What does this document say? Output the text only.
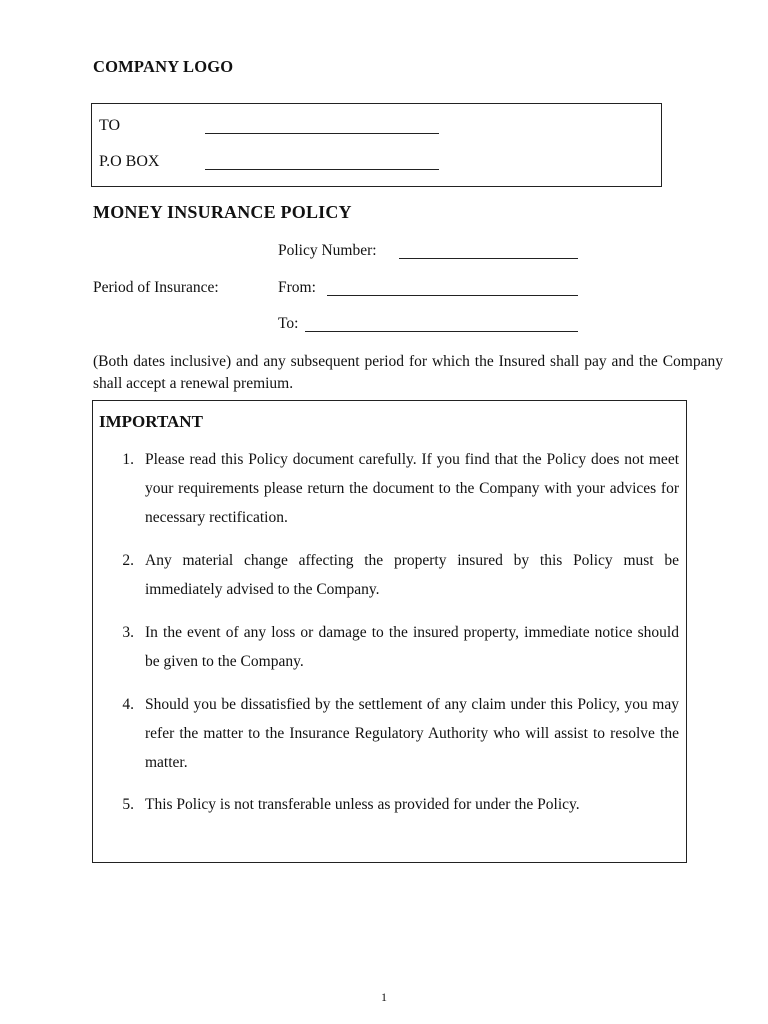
COMPANY LOGO
TO
P.O BOX
MONEY INSURANCE POLICY
Policy Number:
Period of Insurance:	From:
To:
(Both dates inclusive) and any subsequent period for which the Insured shall pay and the Company shall accept a renewal premium.
IMPORTANT
1. Please read this Policy document carefully. If you find that the Policy does not meet your requirements please return the document to the Company with your advices for necessary rectification.
2. Any material change affecting the property insured by this Policy must be immediately advised to the Company.
3. In the event of any loss or damage to the insured property, immediate notice should be given to the Company.
4. Should you be dissatisfied by the settlement of any claim under this Policy, you may refer the matter to the Insurance Regulatory Authority who will assist to resolve the matter.
5. This Policy is not transferable unless as provided for under the Policy.
1
